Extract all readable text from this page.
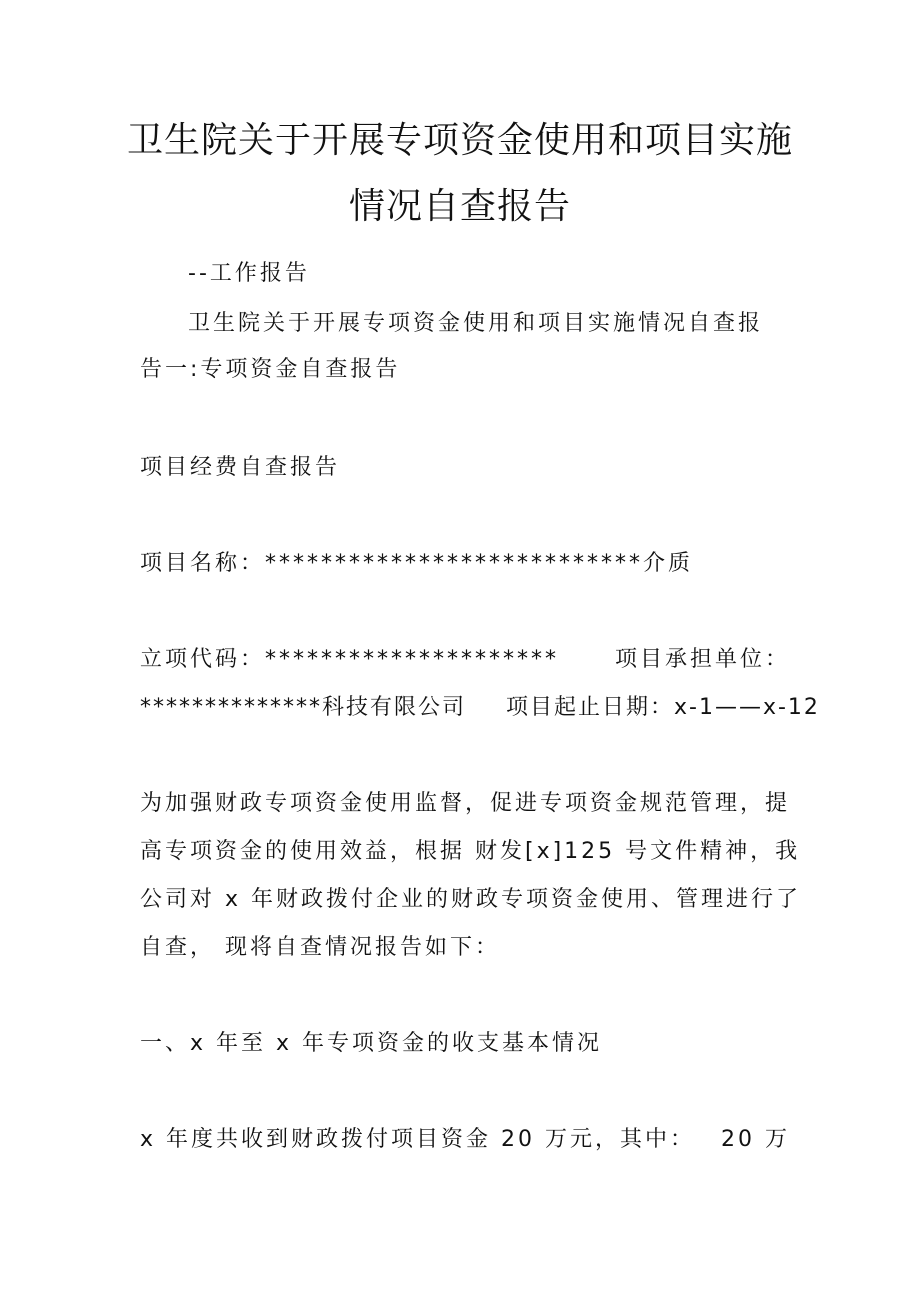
卫生院关于开展专项资金使用和项目实施
情况自查报告
--工作报告
卫生院关于开展专项资金使用和项目实施情况自查报
告一:专项资金自查报告
项目经费自查报告
项目名称：***************************介质
立项代码：*********************	项目承担单位：
**************科技有限公司 项目起止日期：x-1——x-12
为加强财政专项资金使用监督，促进专项资金规范管理，提
高专项资金的使用效益，根据 财发[x]125 号文件精神，我
公司对 x 年财政拨付企业的财政专项资金使用、管理进行了
自查， 现将自查情况报告如下：
一、x 年至 x 年专项资金的收支基本情况
x 年度共收到财政拨付项目资金 20 万元，其中： 20 万
